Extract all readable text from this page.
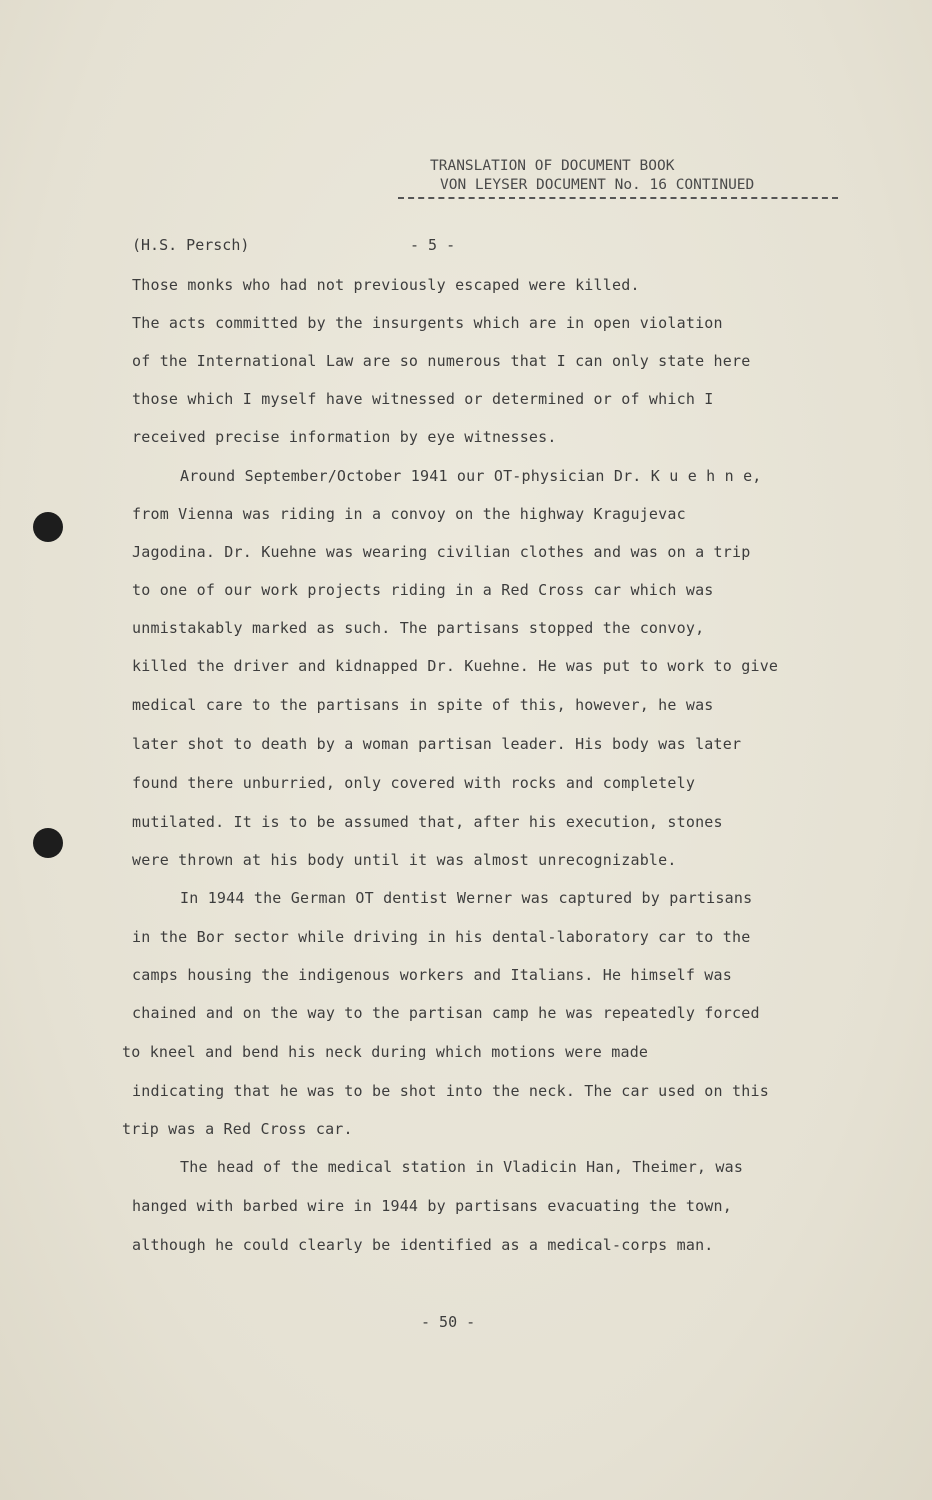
TRANSLATION OF DOCUMENT BOOK
VON LEYSER DOCUMENT No. 16 CONTINUED
(H.S. Persch)	- 5 -
Those monks who had not previously escaped were killed.
The acts committed by the insurgents which are in open violation
of the International Law are so numerous that I can only state here
those which I myself have witnessed or determined or of which I
received precise information by eye witnesses.
Around September/October 1941 our OT-physician Dr. K u e h n e,
from Vienna was riding in a convoy on the highway Kragujevac
Jagodina. Dr. Kuehne was wearing civilian clothes and was on a trip
to one of our work projects riding in a Red Cross car which was
unmistakably marked as such. The partisans stopped the convoy,
killed the driver and kidnapped Dr. Kuehne. He was put to work to give
medical care to the partisans in spite of this, however, he was
later shot to death by a woman partisan leader. His body was later
found there unburried, only covered with rocks and completely
mutilated. It is to be assumed that, after his execution, stones
were thrown at his body until it was almost unrecognizable.
In 1944 the German OT dentist Werner was captured by partisans
in the Bor sector while driving in his dental-laboratory car to the
camps housing the indigenous workers and Italians. He himself was
chained and on the way to the partisan camp he was repeatedly forced
to kneel and bend his neck during which motions were made
indicating that he was to be shot into the neck. The car used on this
trip was a Red Cross car.
The head of the medical station in Vladicin Han, Theimer, was
hanged with barbed wire in 1944 by partisans evacuating the town,
although he could clearly be identified as a medical-corps man.
- 50 -
